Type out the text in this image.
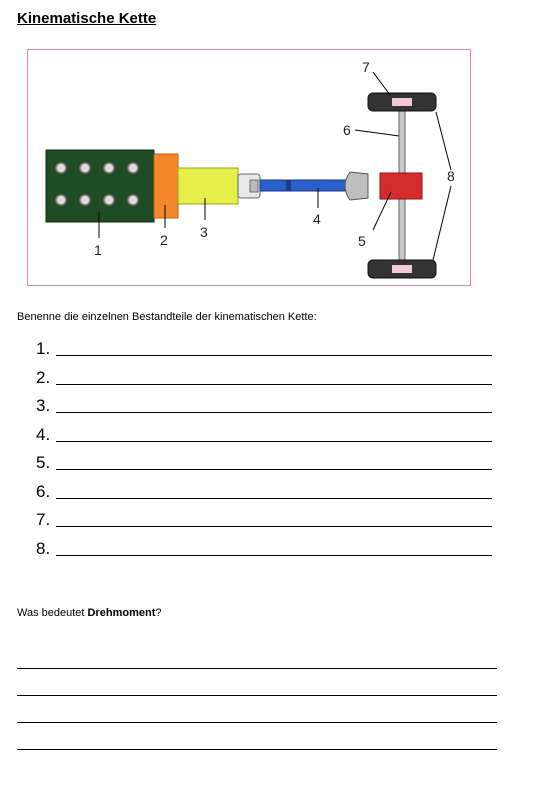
Kinematische Kette
1
2 3
4
5
6
7
8
Benenne die einzelnen Bestandteile der kinematischen Kette:
1.
2.
3.
4.
5.
6.
7.
8.
Was bedeutet Drehmoment?
